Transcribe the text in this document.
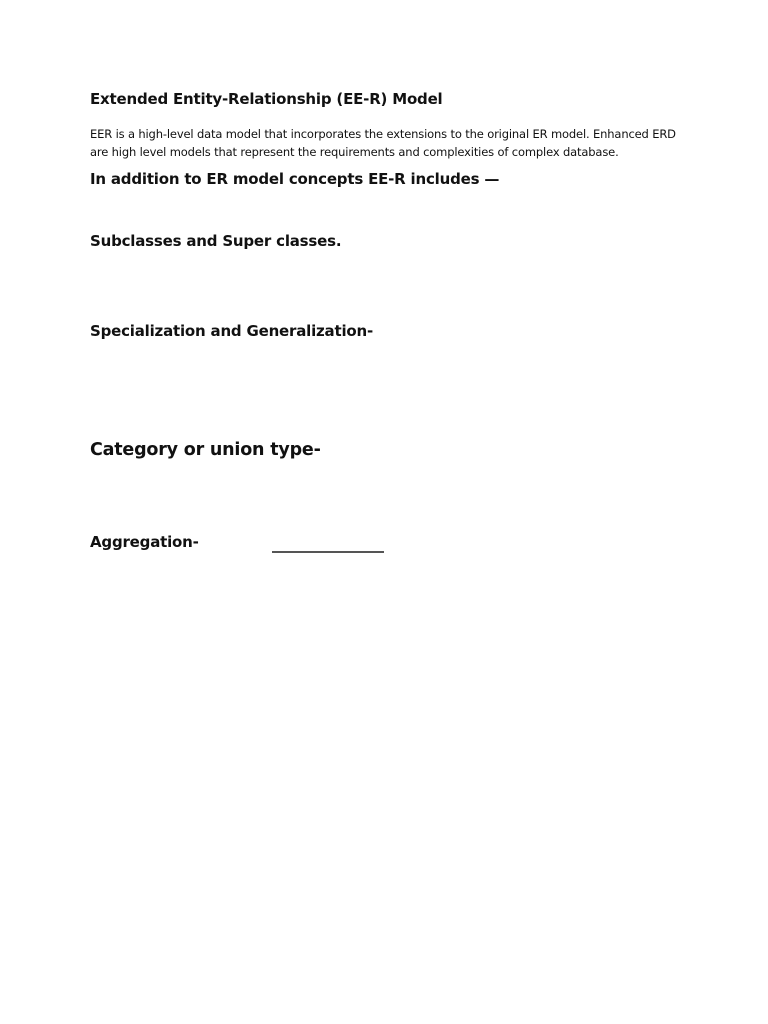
Extended Entity-Relationship (EE-R) Model
EER is a high-level data model that incorporates the extensions to the original ER model. Enhanced ERD are high level models that represent the requirements and complexities of complex database.
In addition to ER model concepts EE-R includes —
Subclasses and Super classes.
Specialization and Generalization-
Category or union type-
Aggregation-
